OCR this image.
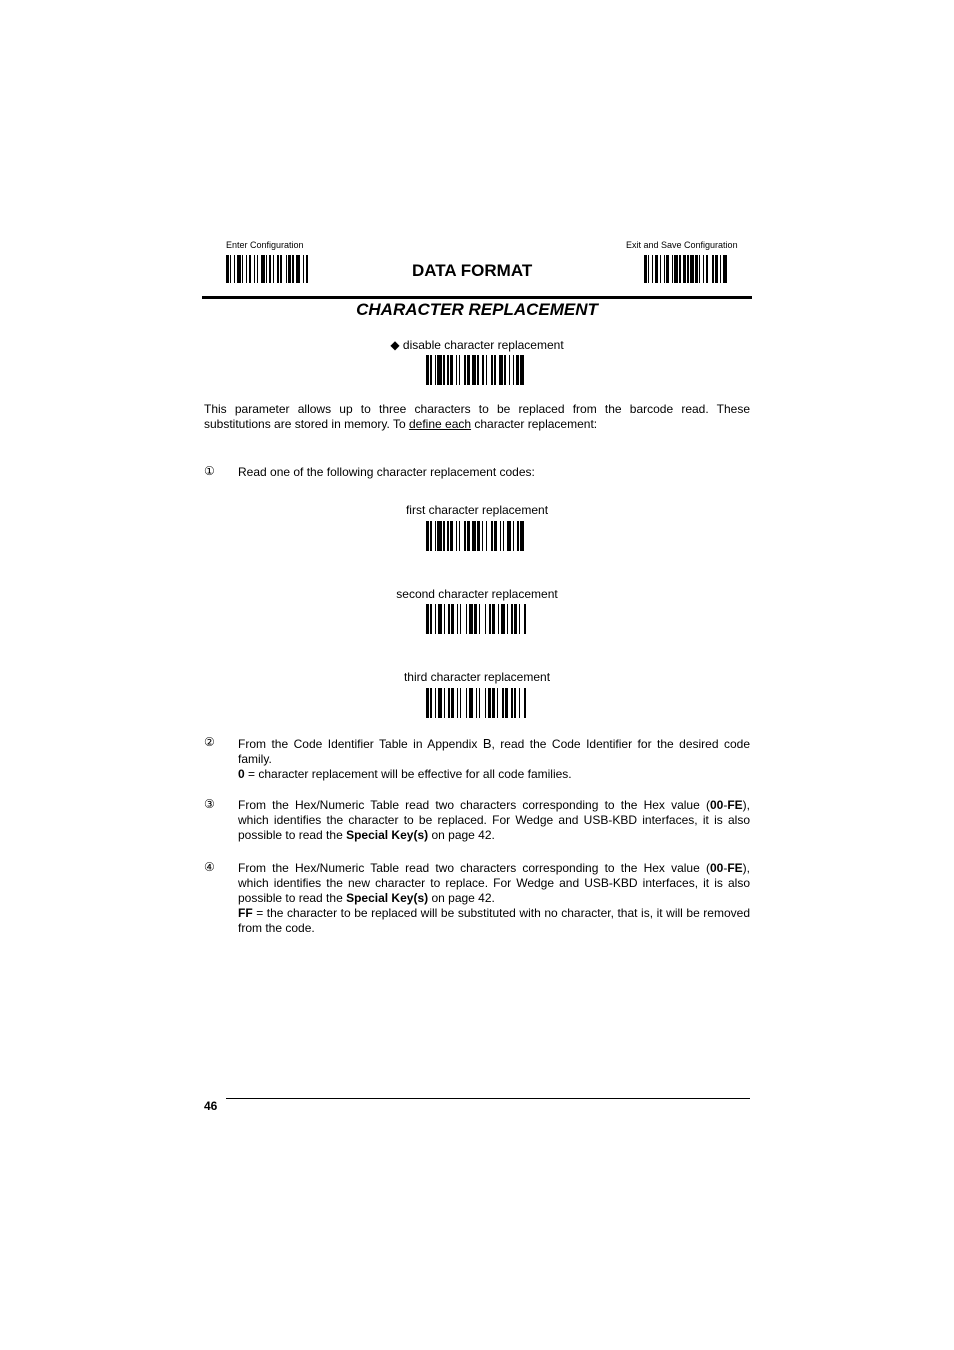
Enter Configuration
DATA FORMAT
Exit and Save Configuration
CHARACTER REPLACEMENT
◆ disable character replacement
This parameter allows up to three characters to be replaced from the barcode read. These substitutions are stored in memory. To define each character replacement:
①	Read one of the following character replacement codes:
first character replacement
second character replacement
third character replacement
②	From the Code Identifier Table in Appendix B, read the Code Identifier for the desired code family.
0 = character replacement will be effective for all code families.
③	From the Hex/Numeric Table read two characters corresponding to the Hex value (00-FE), which identifies the character to be replaced. For Wedge and USB-KBD interfaces, it is also possible to read the Special Key(s) on page 42.
④	From the Hex/Numeric Table read two characters corresponding to the Hex value (00-FE), which identifies the new character to replace. For Wedge and USB-KBD interfaces, it is also possible to read the Special Key(s) on page 42.
FF = the character to be replaced will be substituted with no character, that is, it will be removed from the code.
46
